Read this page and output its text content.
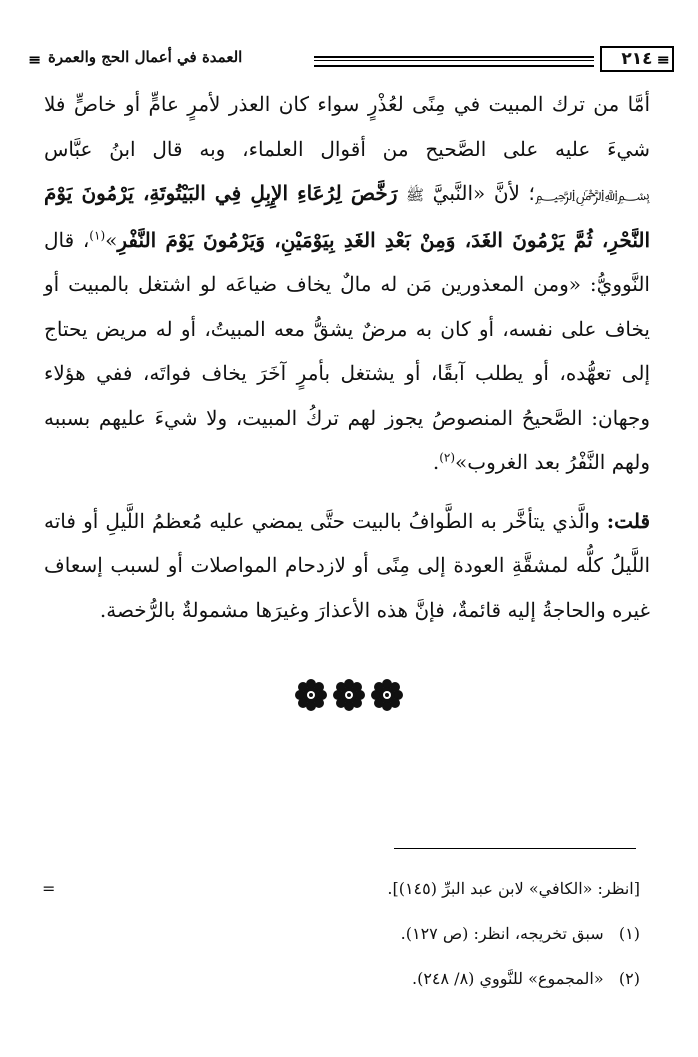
≡ العمدة في أعمال الحج والعمرة	٢١٤ ≡

أمَّا من ترك المبيت في مِنًى لعُذْرٍ سواء كان العذر لأمرٍ عامٍّ أو خاصٍّ فلا شيءَ عليه على الصَّحيح من أقوال العلماء، وبه قال ابنُ عبَّاس ﷽؛ لأنَّ «النَّبيَّ ﷺ رَخَّصَ لِرُعَاءِ الإِبِلِ فِي البَيْتُوتَةِ، يَرْمُونَ يَوْمَ النَّحْرِ، ثُمَّ يَرْمُونَ الغَدَ، وَمِنْ بَعْدِ الغَدِ بِيَوْمَيْنِ، وَيَرْمُونَ يَوْمَ النَّفْرِ»$^{(١)}$، قال النَّوويُّ: «ومن المعذورين مَن له مالٌ يخاف ضياعَه لو اشتغل بالمبيت أو يخاف على نفسه، أو كان به مرضٌ يشقُّ معه المبيتُ، أو له مريض يحتاج إلى تعهُّده، أو يطلب آبقًا، أو يشتغل بأمرٍ آخَرَ يخاف فواتَه، ففي هؤلاء وجهان: الصَّحيحُ المنصوصُ يجوز لهم تركُ المبيت، ولا شيءَ عليهم بسببه ولهم النَّفْرُ بعد الغروب»$^{(٢)}$.

قلت: والَّذي يتأخَّر به الطَّوافُ بالبيت حتَّى يمضي عليه مُعظمُ اللَّيلِ أو فاته اللَّيلُ كلُّه لمشقَّةِ العودة إلى مِنًى أو لازدحام المواصلات أو لسبب إسعاف غيره والحاجةُ إليه قائمةٌ، فإنَّ هذه الأعذارَ وغيرَها مشمولةٌ بالرُّخصة.

[انظر: «الكافي» لابن عبد البرِّ (١٤٥)].
=
(١)   سبق تخريجه، انظر: (ص ١٢٧).
(٢)   «المجموع» للنَّووي (٨/ ٢٤٨).
